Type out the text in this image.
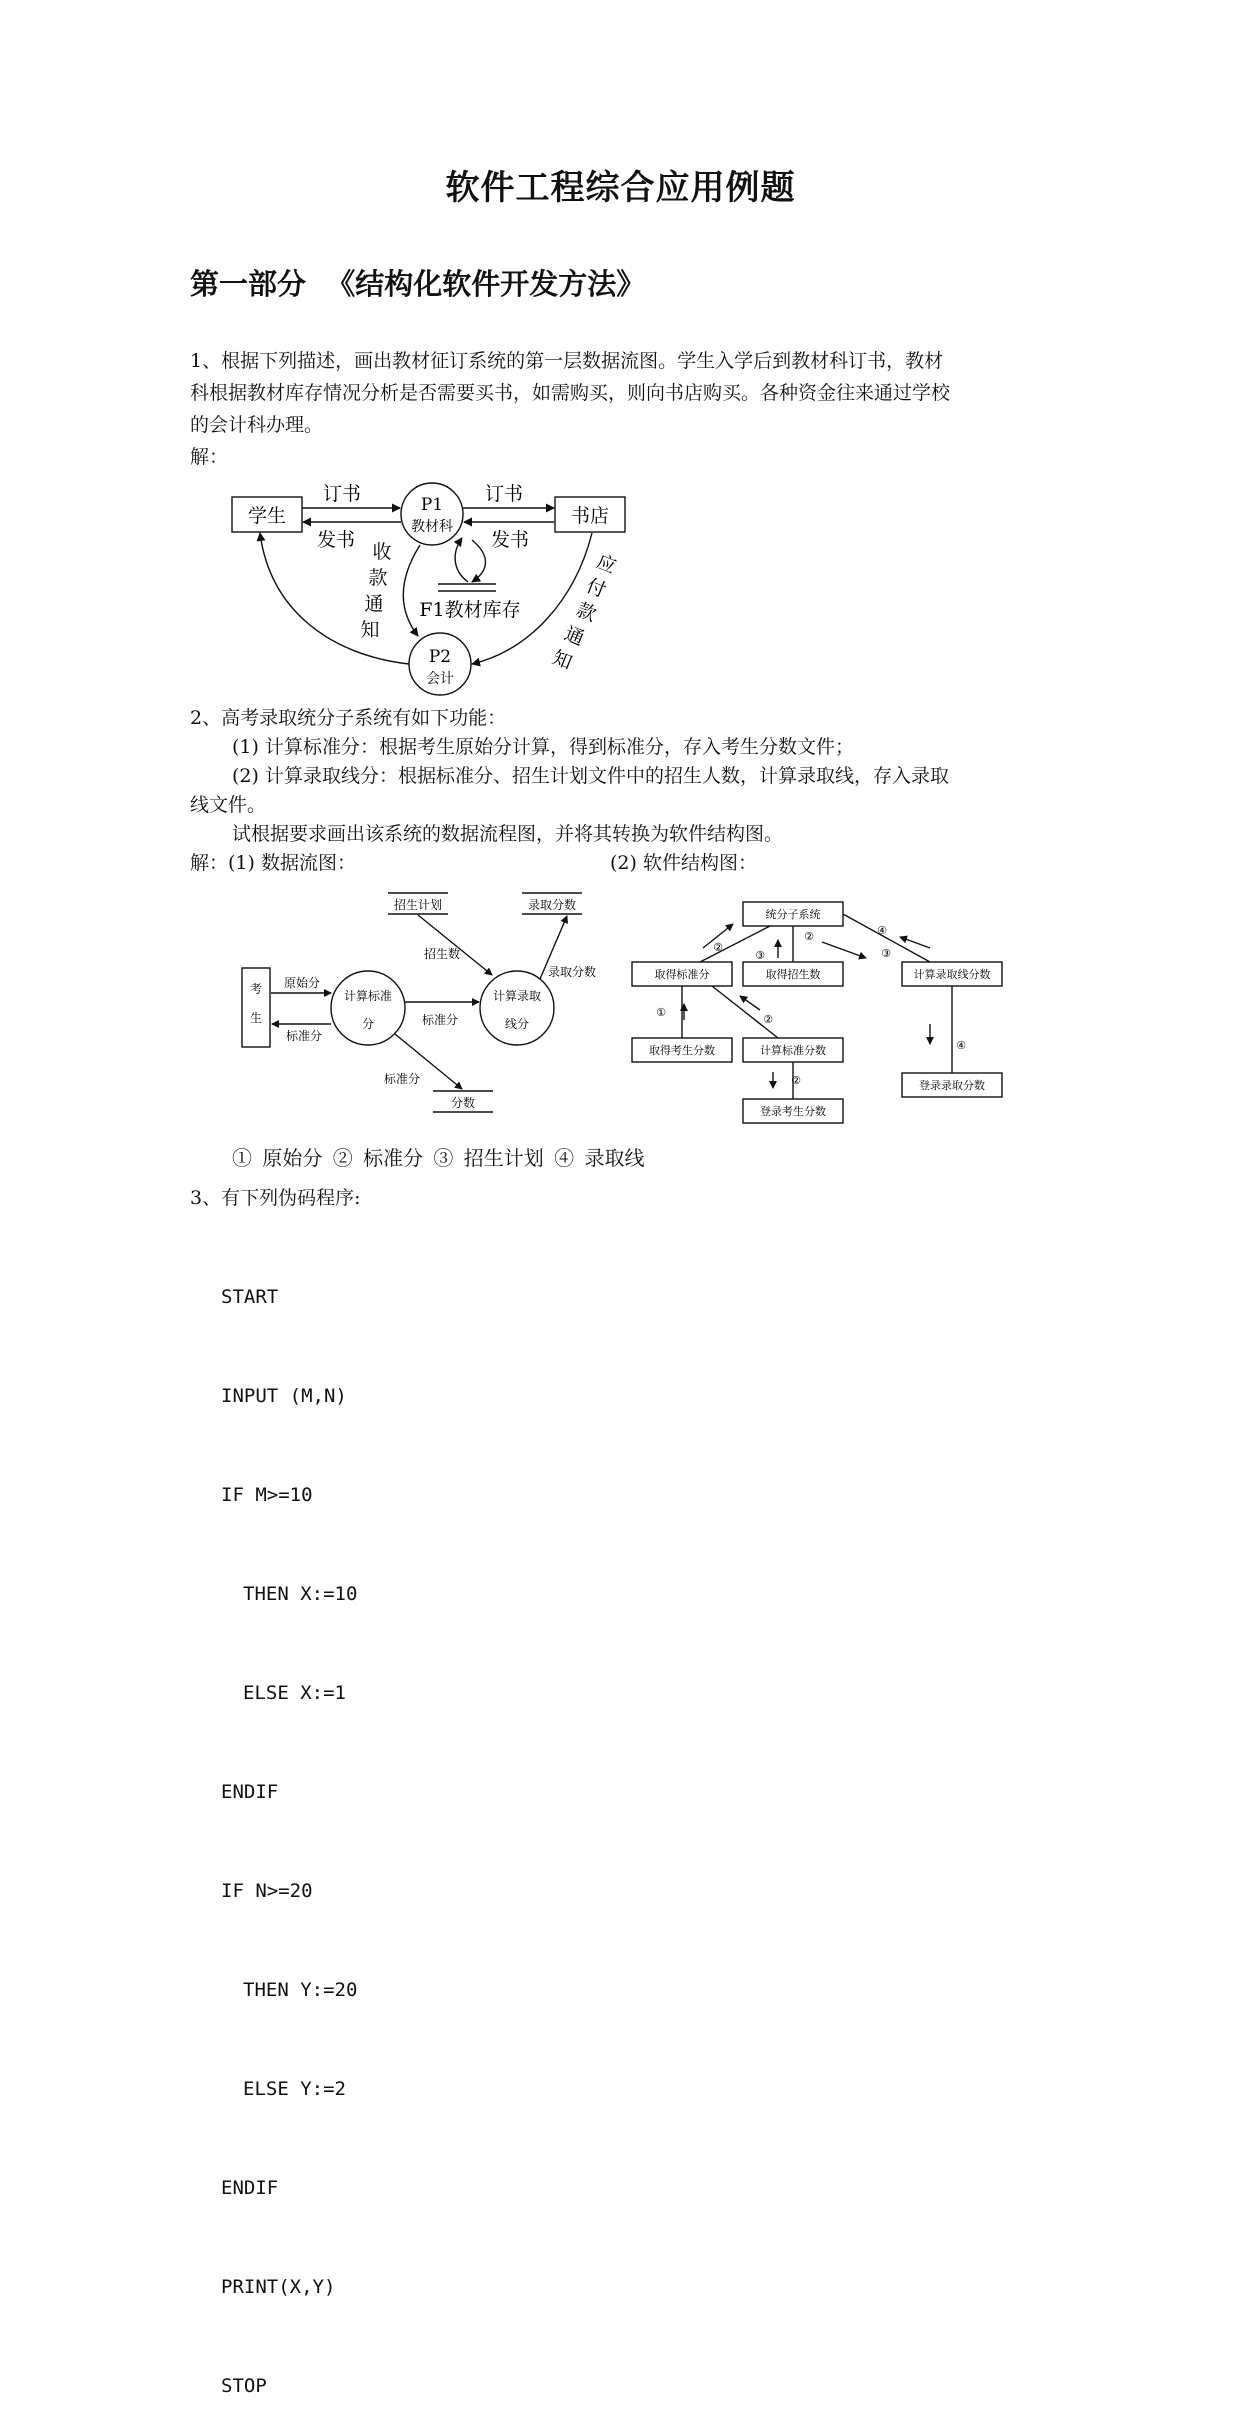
软件工程综合应用例题
第一部分  《结构化软件开发方法》
1、根据下列描述，画出教材征订系统的第一层数据流图。学生入学后到教材科订书，教材
科根据教材库存情况分析是否需要买书，如需购买，则向书店购买。各种资金往来通过学校
的会计科办理。
解：
学生	书店
P1
教材科
P2
会计
F1教材库存
订书
发书
订书
发书
收
款
通
知
应
付
款
通
知
2、高考录取统分子系统有如下功能：
(1) 计算标准分：根据考生原始分计算，得到标准分，存入考生分数文件；
(2) 计算录取线分：根据标准分、招生计划文件中的招生人数，计算录取线，存入录取
线文件。
试根据要求画出该系统的数据流程图，并将其转换为软件结构图。
解：(1) 数据流图：	(2) 软件结构图：
考
生
计算标准
分
计算录取
线分
招生计划	录取分数
分数
原始分
标准分
标准分
招生数
录取分数
标准分
统分子系统
取得标准分	取得招生数	计算录取线分数
取得考生分数	计算标准分数
登录考生分数
登录录取分数
②
③
②
③
④
①
②
②
④
① 原始分 ② 标准分 ③ 招生计划 ④ 录取线
3、有下列伪码程序:

START

INPUT (M,N)

IF M>=10

THEN X:=10

ELSE X:=1

ENDIF

IF N>=20

THEN Y:=20

ELSE Y:=2

ENDIF

PRINT(X,Y)

STOP
